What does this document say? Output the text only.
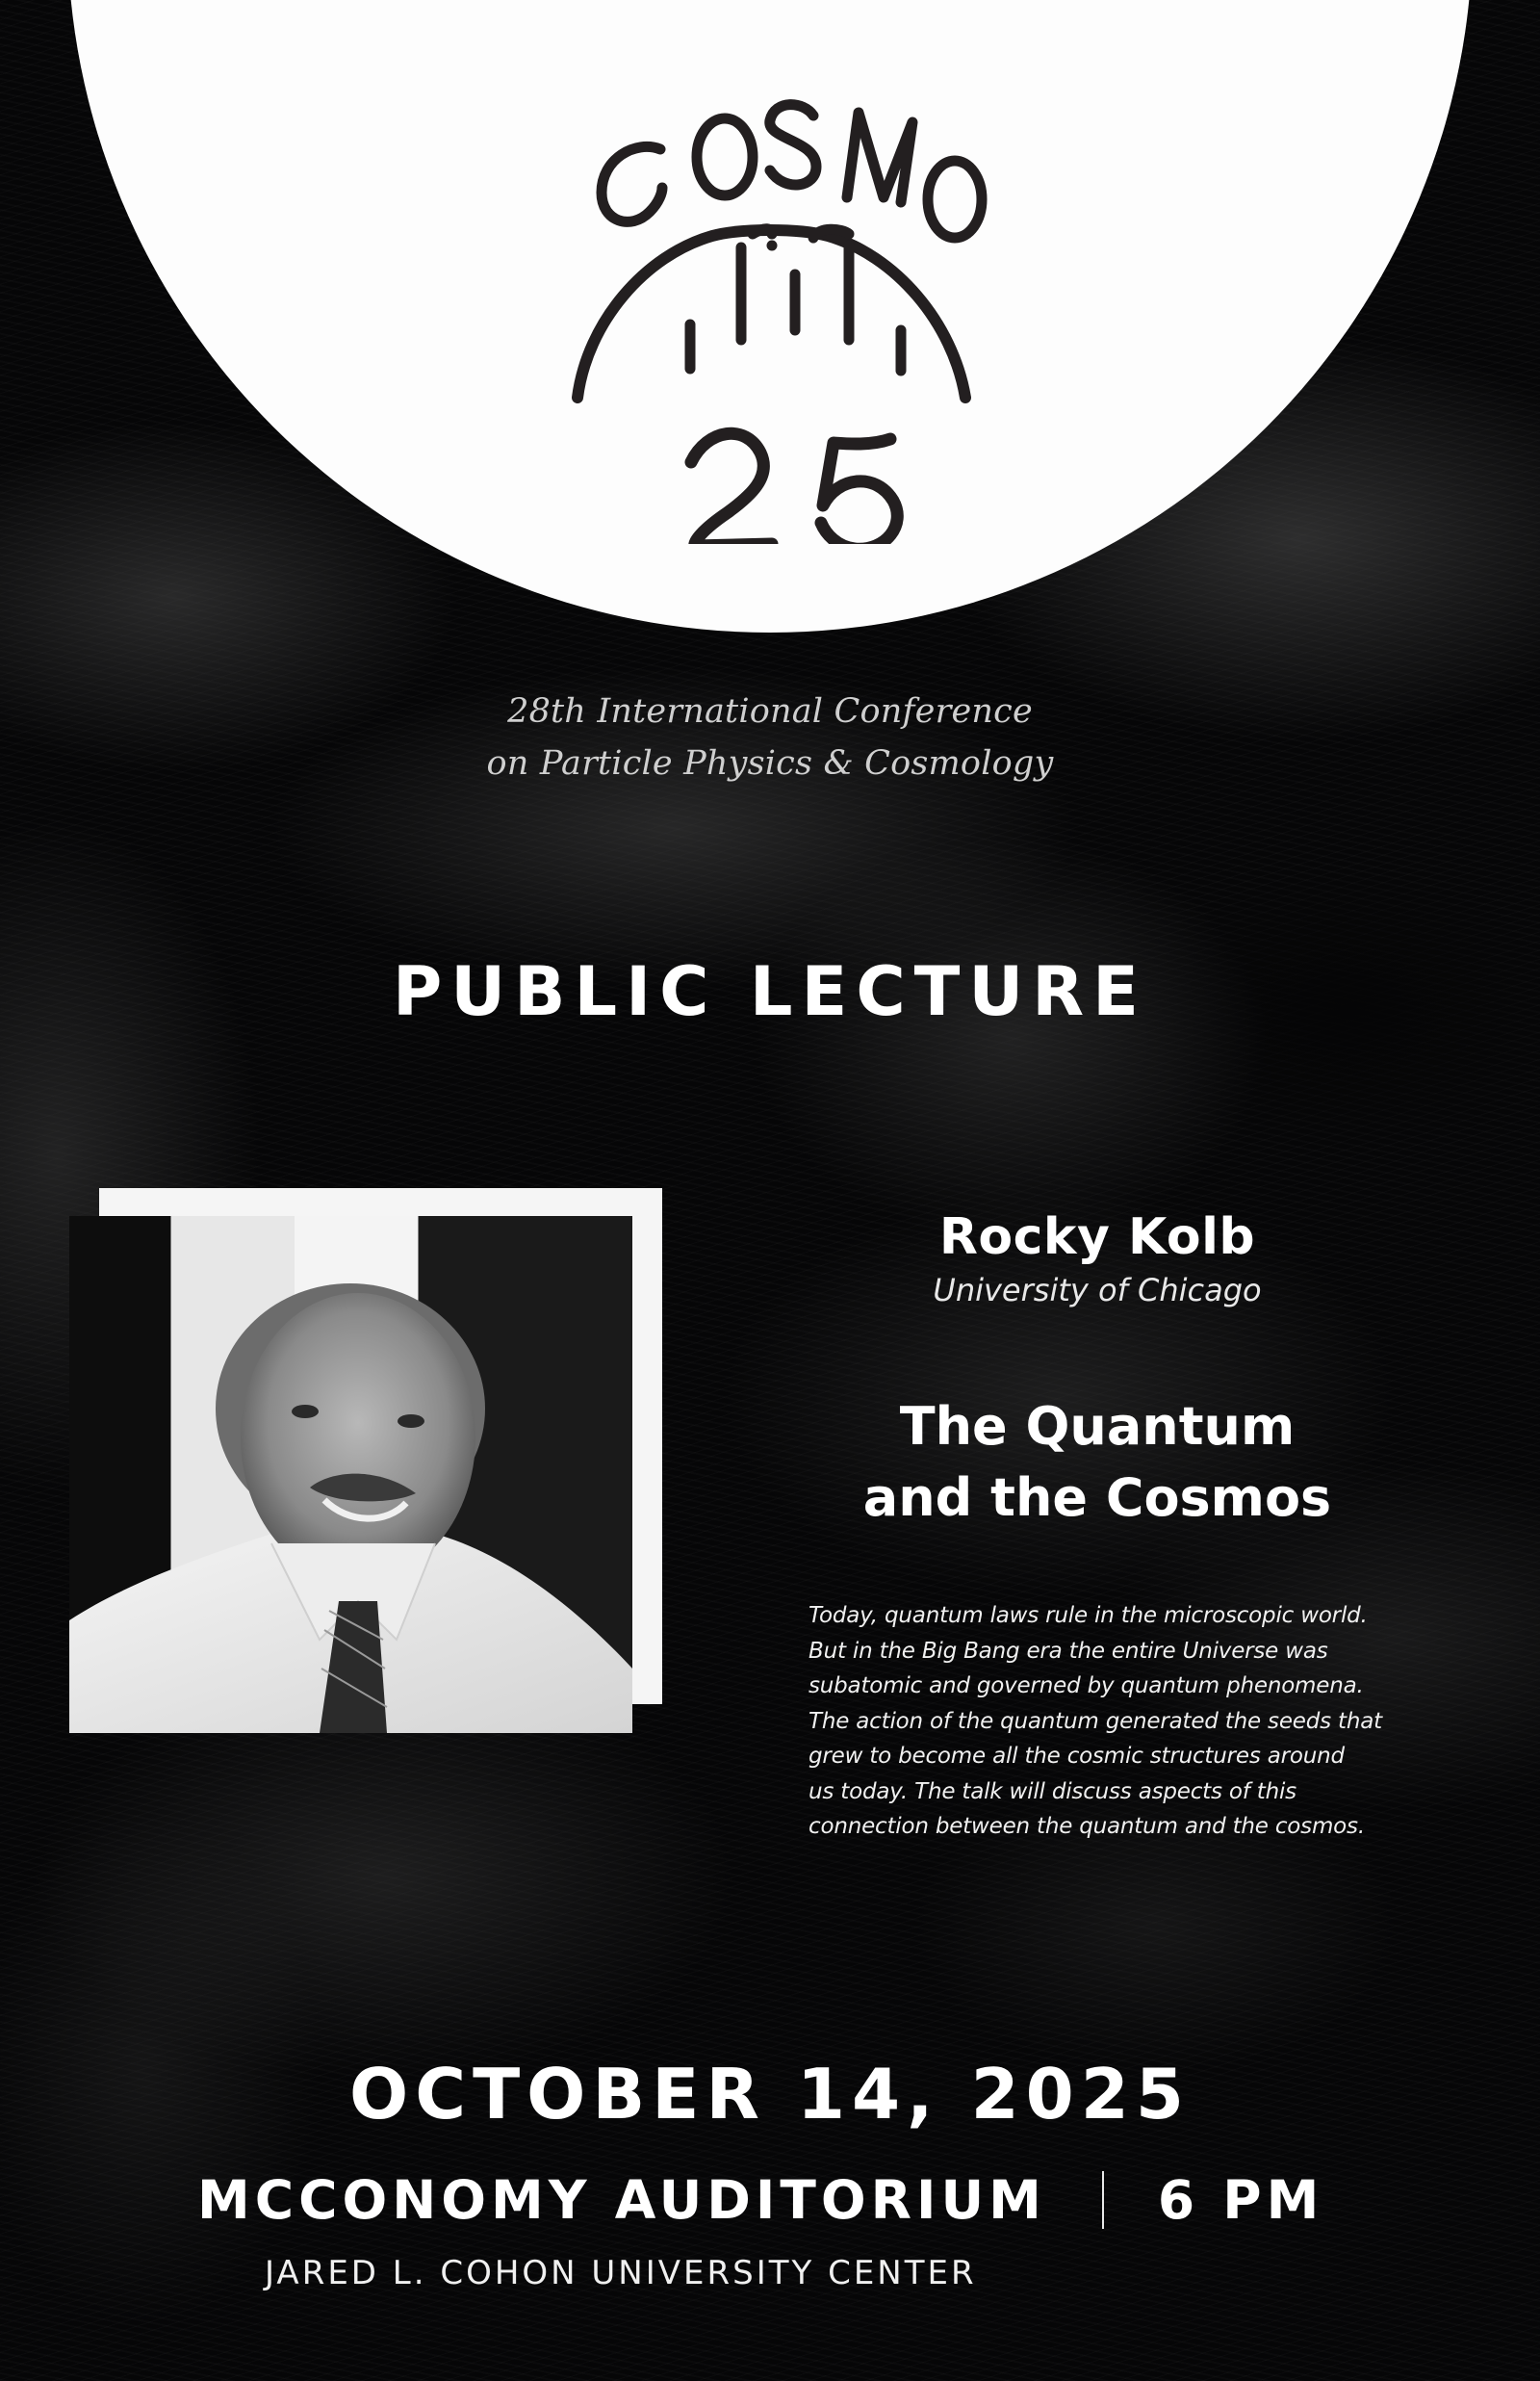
28th International Conference
on Particle Physics & Cosmology
PUBLIC LECTURE
Rocky Kolb
University of Chicago
The Quantum
and the Cosmos
Today, quantum laws rule in the microscopic world.
But in the Big Bang era the entire Universe was
subatomic and governed by quantum phenomena.
The action of the quantum generated the seeds that
grew to become all the cosmic structures around
us today. The talk will discuss aspects of this
connection between the quantum and the cosmos.
OCTOBER 14, 2025
MCCONOMY AUDITORIUM 6 PM
JARED L. COHON UNIVERSITY CENTER
